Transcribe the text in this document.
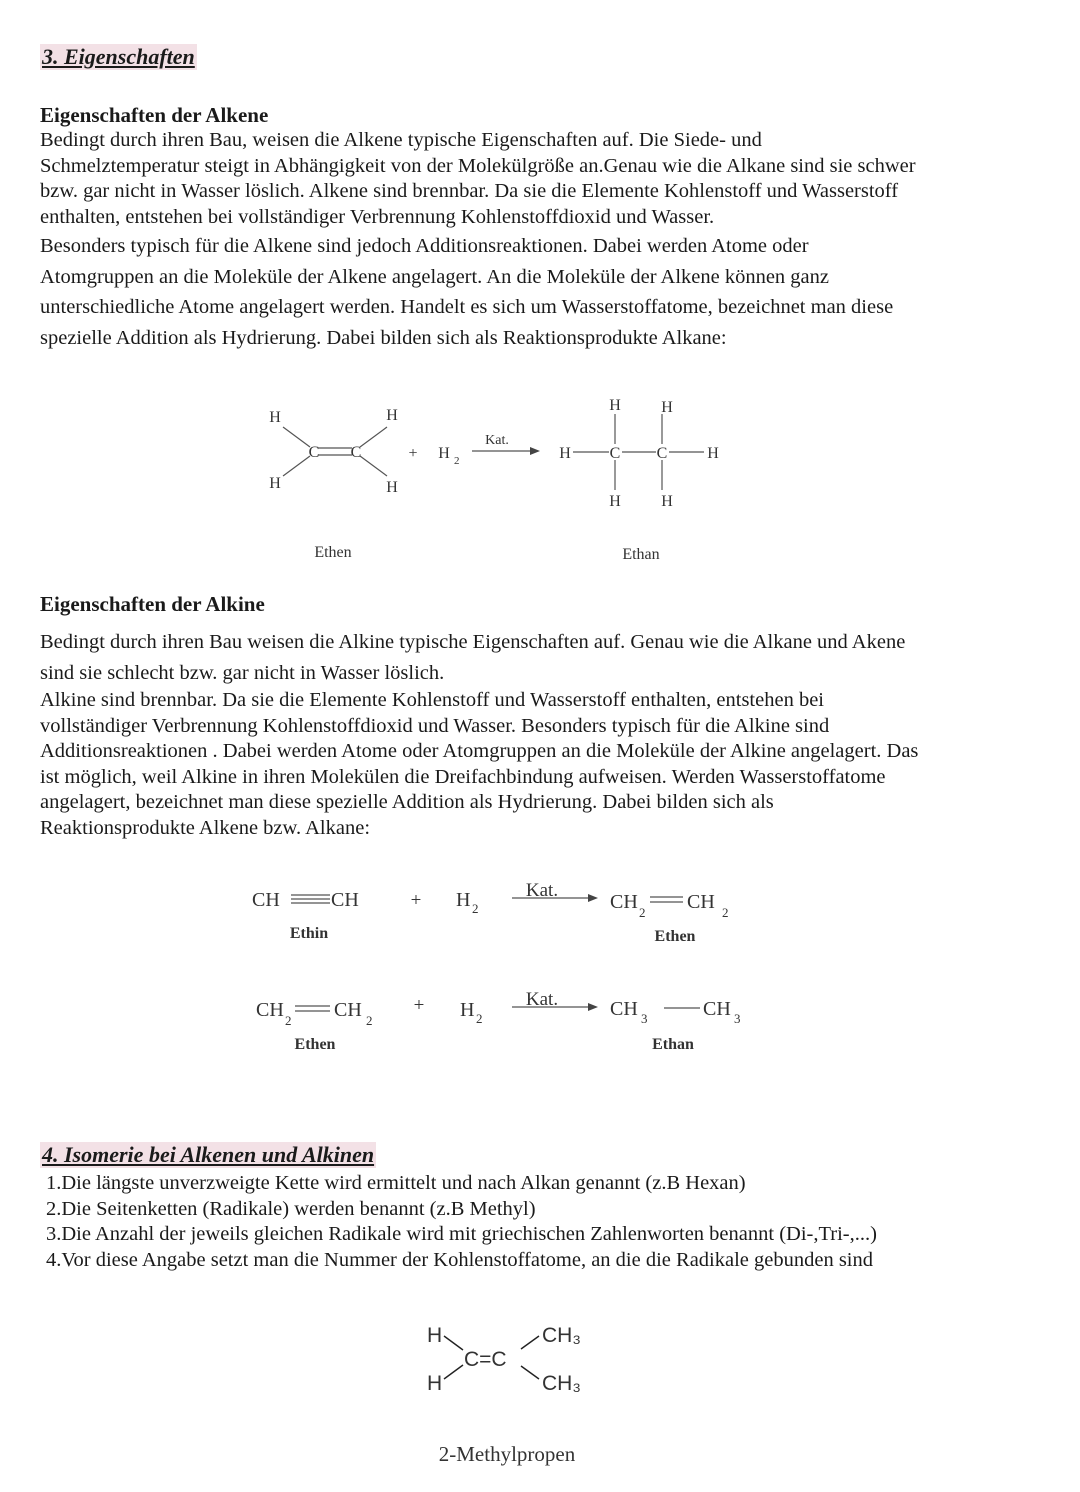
3. Eigenschaften
Eigenschaften der Alkene
Bedingt durch ihren Bau, weisen die Alkene typische Eigenschaften auf. Die Siede- und
Schmelztemperatur steigt in Abhängigkeit von der Molekülgröße an.Genau wie die Alkane sind sie schwer
bzw. gar nicht in Wasser löslich. Alkene sind brennbar. Da sie die Elemente Kohlenstoff und Wasserstoff
enthalten, entstehen bei vollständiger Verbrennung Kohlenstoffdioxid und Wasser.
Besonders typisch für die Alkene sind jedoch Additionsreaktionen. Dabei werden Atome oder
Atomgruppen an die Moleküle der Alkene angelagert. An die Moleküle der Alkene können ganz
unterschiedliche Atome angelagert werden. Handelt es sich um Wasserstoffatome, bezeichnet man diese
spezielle Addition als Hydrierung. Dabei bilden sich als Reaktionsprodukte Alkane:
H
H
H
H
C C	+ H 2
Kat.
H C C H
H	H
H	H
Ethen	Ethan
Eigenschaften der Alkine
Bedingt durch ihren Bau weisen die Alkine typische Eigenschaften auf. Genau wie die Alkane und Akene
sind sie schlecht bzw. gar nicht in Wasser löslich.
Alkine sind brennbar. Da sie die Elemente Kohlenstoff und Wasserstoff enthalten, entstehen bei
vollständiger Verbrennung Kohlenstoffdioxid und Wasser. Besonders typisch für die Alkine sind
Additionsreaktionen . Dabei werden Atome oder Atomgruppen an die Moleküle der Alkine angelagert. Das
ist möglich, weil Alkine in ihren Molekülen die Dreifachbindung aufweisen. Werden Wasserstoffatome
angelagert, bezeichnet man diese spezielle Addition als Hydrierung. Dabei bilden sich als
Reaktionsprodukte Alkene bzw. Alkane:
CH	CH	+ H 2
Kat.
CH 2 CH 2
Ethin	Ethen
CH 2 CH 2
+ H 2
Kat.	CH 3	CH 3
Ethen	Ethan
4. Isomerie bei Alkenen und Alkinen
1.Die längste unverzweigte Kette wird ermittelt und nach Alkan genannt (z.B Hexan)
2.Die Seitenketten (Radikale) werden benannt (z.B Methyl)
3.Die Anzahl der jeweils gleichen Radikale wird mit griechischen Zahlenworten benannt (Di-,Tri-,...)
4.Vor diese Angabe setzt man die Nummer der Kohlenstoffatome, an die die Radikale gebunden sind
H
H
C=C
CH₃
CH₃
2-Methylpropen
